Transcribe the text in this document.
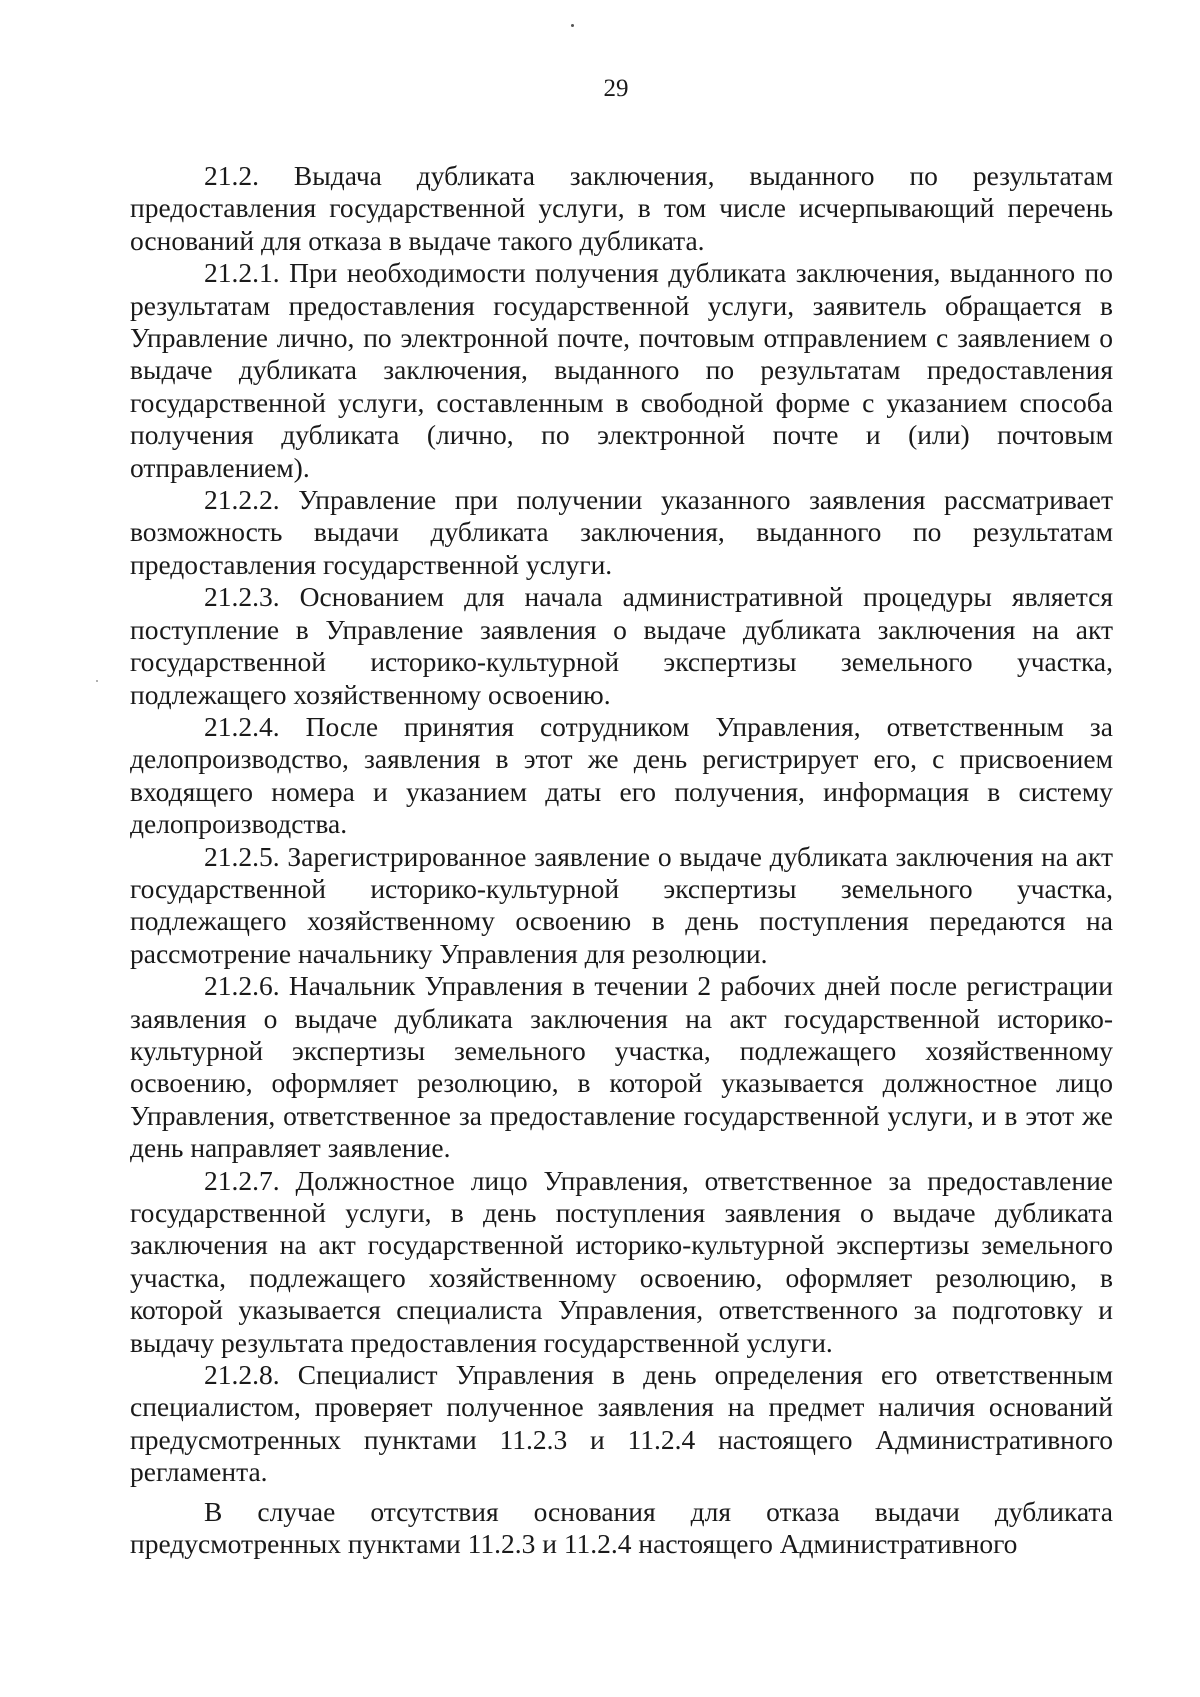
29

21.2. Выдача дубликата заключения, выданного по результатам предоставления государственной услуги, в том числе исчерпывающий перечень оснований для отказа в выдаче такого дубликата.

21.2.1. При необходимости получения дубликата заключения, выданного по результатам предоставления государственной услуги, заявитель обращается в Управление лично, по электронной почте, почтовым отправлением с заявлением о выдаче дубликата заключения, выданного по результатам предоставления государственной услуги, составленным в свободной форме с указанием способа получения дубликата (лично, по электронной почте и (или) почтовым отправлением).

21.2.2. Управление при получении указанного заявления рассматривает возможность выдачи дубликата заключения, выданного по результатам предоставления государственной услуги.

21.2.3. Основанием для начала административной процедуры является поступление в Управление заявления о выдаче дубликата заключения на акт государственной историко-культурной экспертизы земельного участка, подлежащего хозяйственному освоению.

21.2.4. После принятия сотрудником Управления, ответственным за делопроизводство, заявления в этот же день регистрирует его, с присвоением входящего номера и указанием даты его получения, информация в систему делопроизводства.

21.2.5. Зарегистрированное заявление о выдаче дубликата заключения на акт государственной историко-культурной экспертизы земельного участка, подлежащего хозяйственному освоению в день поступления передаются на рассмотрение начальнику Управления для резолюции.

21.2.6. Начальник Управления в течении 2 рабочих дней после регистрации заявления о выдаче дубликата заключения на акт государственной историко-культурной экспертизы земельного участка, подлежащего хозяйственному освоению, оформляет резолюцию, в которой указывается должностное лицо Управления, ответственное за предоставление государственной услуги, и в этот же день направляет заявление.

21.2.7. Должностное лицо Управления, ответственное за предоставление государственной услуги, в день поступления заявления о выдаче дубликата заключения на акт государственной историко-культурной экспертизы земельного участка, подлежащего хозяйственному освоению, оформляет резолюцию, в которой указывается специалиста Управления, ответственного за подготовку и выдачу результата предоставления государственной услуги.

21.2.8. Специалист Управления в день определения его ответственным специалистом, проверяет полученное заявления на предмет наличия оснований предусмотренных пунктами 11.2.3 и 11.2.4 настоящего Административного регламента.

В случае отсутствия основания для отказа выдачи дубликата предусмотренных пунктами 11.2.3 и 11.2.4 настоящего Административного
